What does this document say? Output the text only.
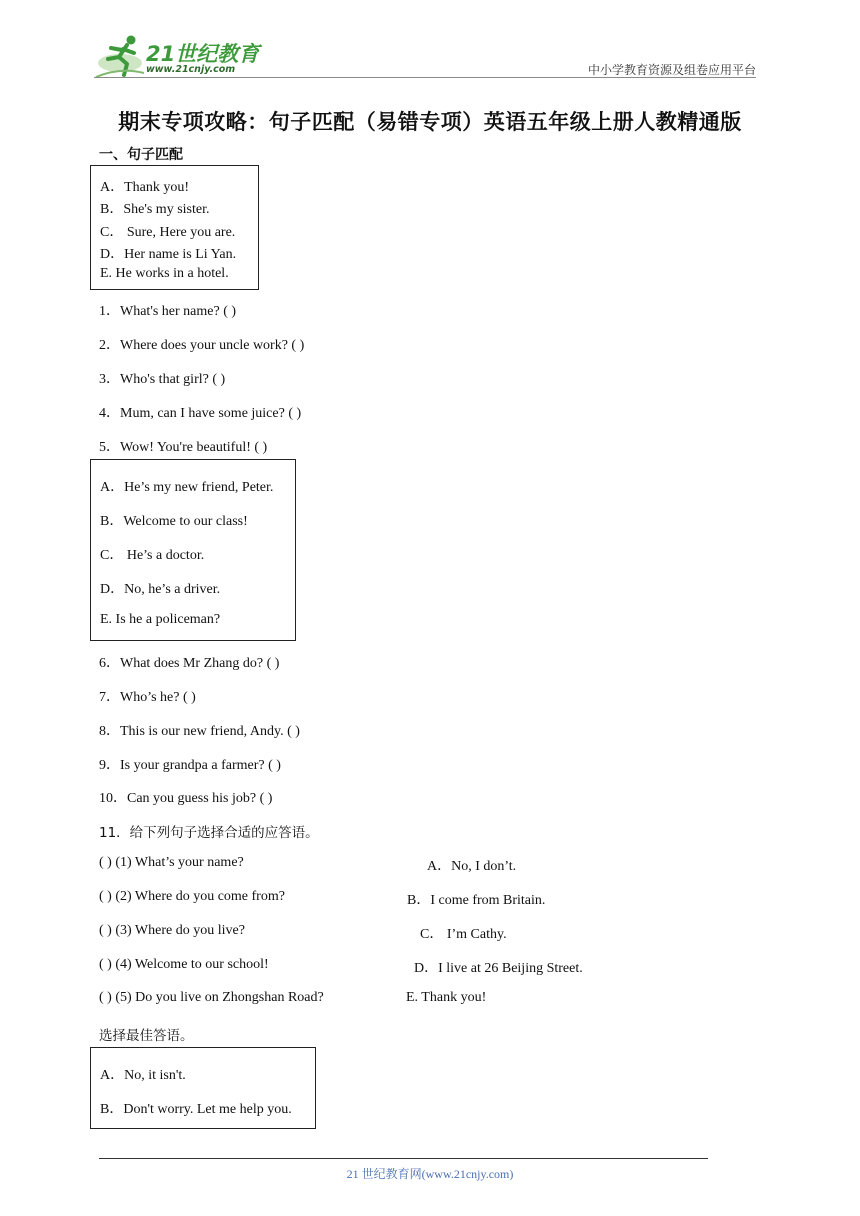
21世纪教育
www.21cnjy.com	中小学教育资源及组卷应用平台
期末专项攻略：句子匹配（易错专项）英语五年级上册人教精通版
一、句子匹配
A．Thank you!
B．She's my sister.
C． Sure, Here you are.
D．Her name is Li Yan.
E. He works in a hotel.
1．What's her name? ( )
2．Where does your uncle work? ( )
3．Who's that girl? ( )
4．Mum, can I have some juice? ( )
5．Wow! You're beautiful! ( )
A．He’s my new friend, Peter.
B．Welcome to our class!
C． He’s a doctor.
D．No, he’s a driver.
E. Is he a policeman?
6．What does Mr Zhang do? ( )
7．Who’s he? ( )
8．This is our new friend, Andy. ( )
9．Is your grandpa a farmer? ( )
10．Can you guess his job? ( )
11．给下列句子选择合适的应答语。
( ) (1) What’s your name?	A．No, I don’t.
( ) (2) Where do you come from?	B．I come from Britain.
( ) (3) Where do you live?	C． I’m Cathy.
( ) (4) Welcome to our school!	D．I live at 26 Beijing Street.
( ) (5) Do you live on Zhongshan Road?	E. Thank you!
选择最佳答语。
A．No, it isn't.
B．Don't worry. Let me help you.
21 世纪教育网(www.21cnjy.com)
